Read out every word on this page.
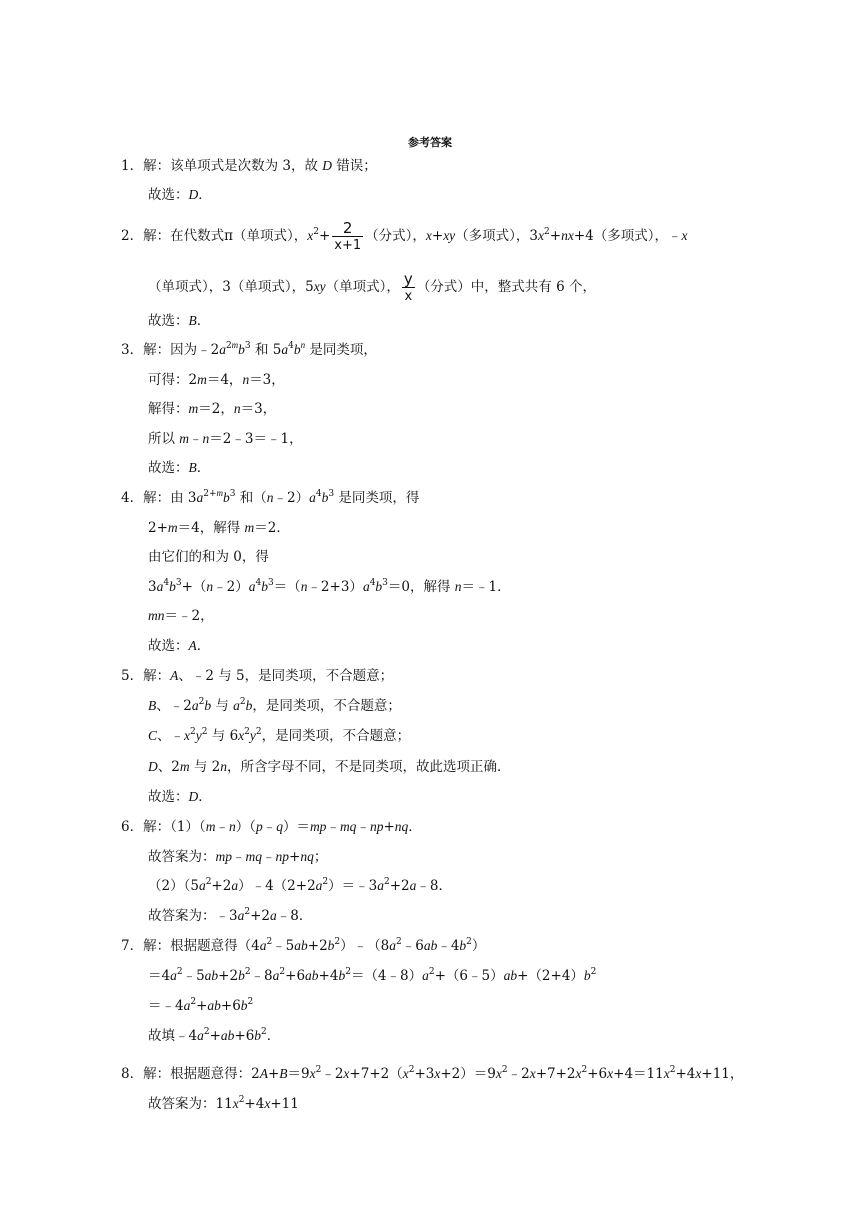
参考答案
1．解：该单项式是次数为 3，故 D 错误；
故选：D．
2．解：在代数式π（单项式），$x^2+ \frac{2}{x+1}$ （分式），x+xy（多项式），$3x^2+nx+4$（多项式），﹣x
（单项式），3（单项式），5xy（单项式）， $\frac{y}{x}$ （分式）中，整式共有 6 个，
故选：B．
3．解：因为$﹣2a^{2m}b^3$ 和 $5a^4b^n$ 是同类项，
可得：2m＝4，n＝3，
解得：m＝2，n＝3，
所以 m﹣n＝2﹣3＝﹣1，
故选：B．
4．解：由 $3a^{2+m}b^3$ 和$(n﹣2)a^4b^3$ 是同类项，得
2+m＝4，解得 m＝2．
由它们的和为 0，得
$3a^4b^3+(n﹣2)a^4b^3=(n﹣2+3)a^4b^3=0$，解得 n＝﹣1．
mn＝﹣2，
故选：A．
5．解：A、﹣2 与 5，是同类项，不合题意；
B、$﹣2a^2b$ 与 $a^2b$，是同类项，不合题意；
C、$﹣x^2y^2$ 与 $6x^2y^2$，是同类项，不合题意；
D、2m 与 2n，所含字母不同，不是同类项，故此选项正确．
故选：D．
6．解：（1）（m﹣n）（p﹣q）＝mp﹣mq﹣np+nq．
故答案为：mp﹣mq﹣np+nq；
$(2)(5a^2+2a)﹣4(2+2a^2)=﹣3a^2+2a﹣8$．
故答案为：$﹣3a^2+2a﹣8$．
7．解：根据题意得$(4a^2﹣5ab+2b^2)﹣(8a^2﹣6ab﹣4b^2)$
$=4a^2﹣5ab+2b^2﹣8a^2+6ab+4b^2=(4﹣8)a^2+(6﹣5)ab+(2+4)b^2$
$=﹣4a^2+ab+6b^2$
故填$﹣4a^2+ab+6b^2$．
8．解：根据题意得：$2A+B=9x^2﹣2x+7+2(x^2+3x+2)=9x^2﹣2x+7+2x^2+6x+4=11x^2+4x+11$，
故答案为：$11x^2+4x+11$
